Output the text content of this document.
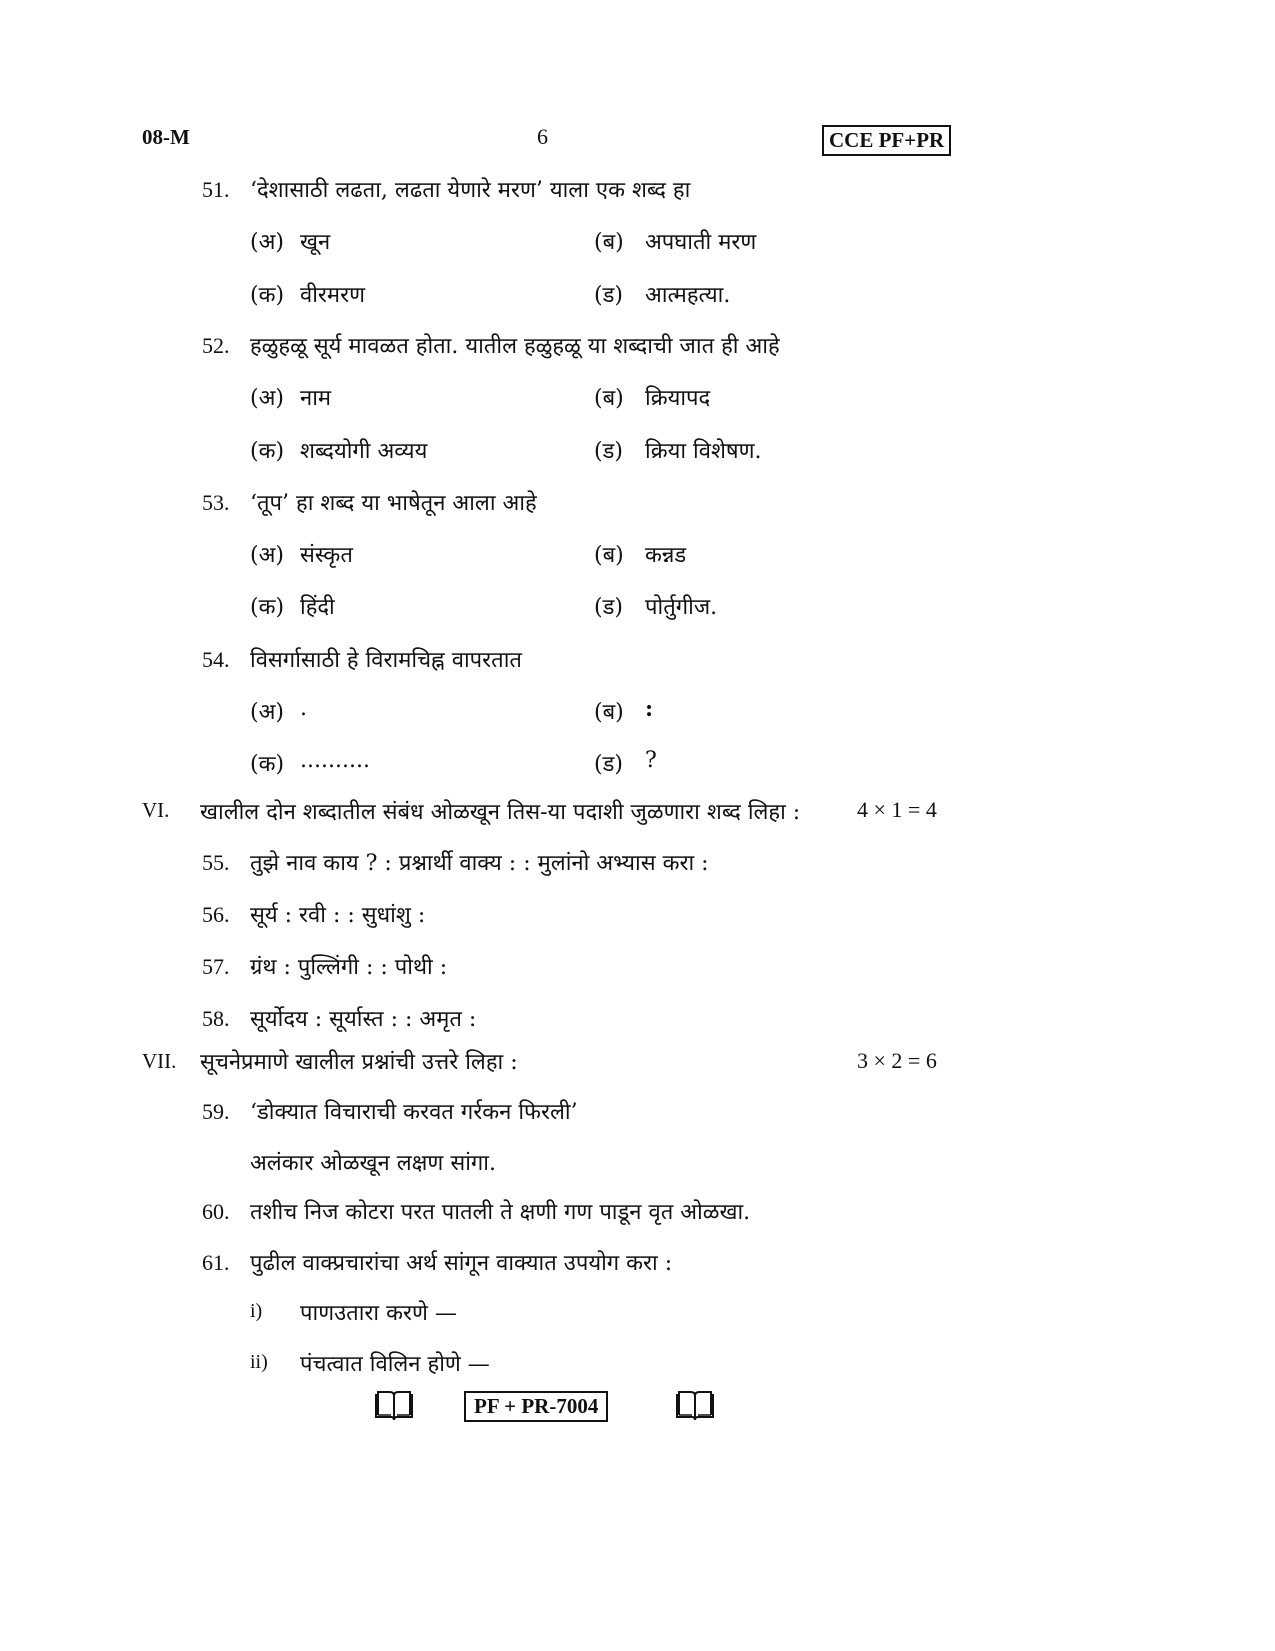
08-M	6	CCE PF+PR
51. ‘देशासाठी लढता, लढता येणारे मरण’ याला एक शब्द हा
(अ) खून	(ब) अपघाती मरण
(क) वीरमरण	(ड) आत्महत्या.
52. हळुहळू सूर्य मावळत होता. यातील हळुहळू या शब्दाची जात ही आहे
(अ) नाम	(ब) क्रियापद
(क) शब्दयोगी अव्यय	(ड) क्रिया विशेषण.
53. ‘तूप’ हा शब्द या भाषेतून आला आहे
(अ) संस्कृत	(ब) कन्नड
(क) हिंदी	(ड) पोर्तुगीज.
54. विसर्गासाठी हे विरामचिह्न वापरतात
(अ) .	(ब) :
(क) ..........	(ड) ?
VI. खालील दोन शब्दातील संबंध ओळखून तिस-या पदाशी जुळणारा शब्द लिहा :	4 × 1 = 4
55. तुझे नाव काय ? : प्रश्नार्थी वाक्य : : मुलांनो अभ्यास करा :
56. सूर्य : रवी : : सुधांशु :
57. ग्रंथ : पुल्लिंगी : : पोथी :
58. सूर्योदय : सूर्यास्त : : अमृत :
VII. सूचनेप्रमाणे खालील प्रश्नांची उत्तरे लिहा :	3 × 2 = 6
59. ‘डोक्यात विचाराची करवत गर्रकन फिरली’
अलंकार ओळखून लक्षण सांगा.
60. तशीच निज कोटरा परत पातली ते क्षणी गण पाडून वृत ओळखा.
61. पुढील वाक्प्रचारांचा अर्थ सांगून वाक्यात उपयोग करा :
i) पाणउतारा करणे —
ii) पंचत्वात विलिन होणे —
PF + PR-7004
